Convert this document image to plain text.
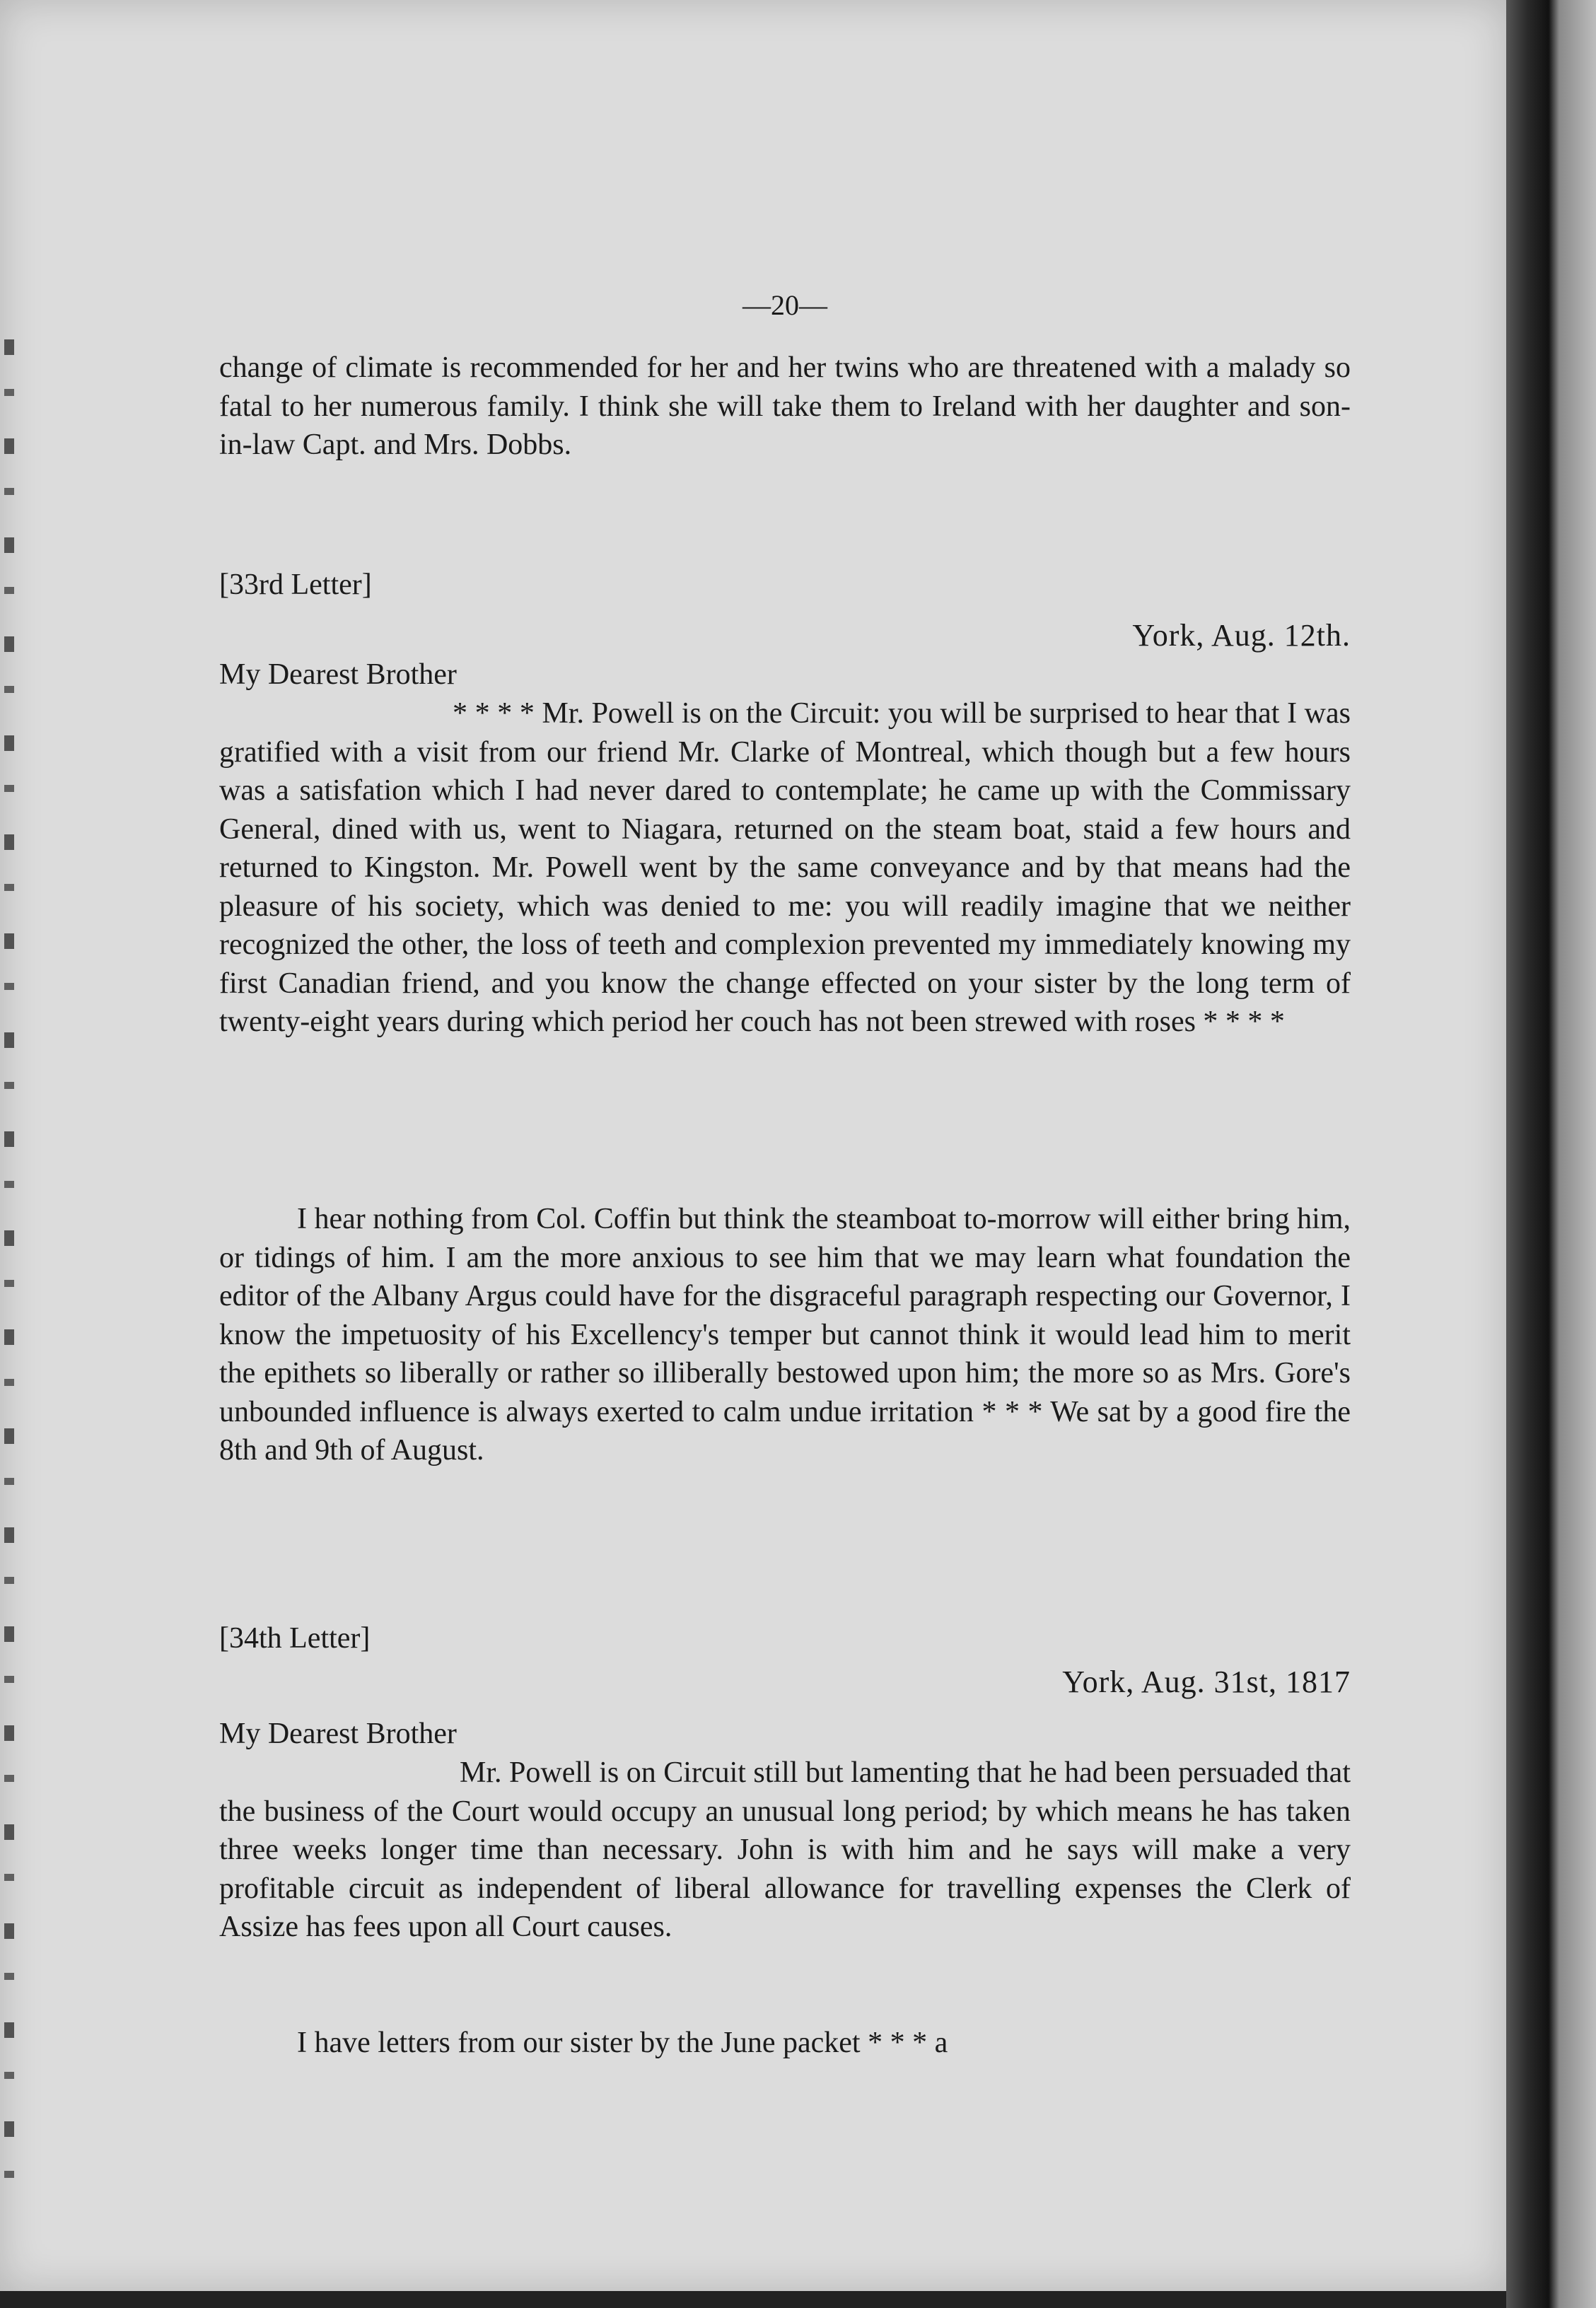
—20—

change of climate is recommended for her and her twins who are threatened with a malady so fatal to her numerous family. I think she will take them to Ireland with her daughter and son-in-law Capt. and Mrs. Dobbs.

[33rd Letter]

York, Aug. 12th.

My Dearest Brother

* * * * Mr. Powell is on the Circuit: you will be surprised to hear that I was gratified with a visit from our friend Mr. Clarke of Montreal, which though but a few hours was a satisfation which I had never dared to contemplate; he came up with the Commissary General, dined with us, went to Niagara, returned on the steam boat, staid a few hours and returned to Kingston. Mr. Powell went by the same conveyance and by that means had the pleasure of his society, which was denied to me: you will readily imagine that we neither recognized the other, the loss of teeth and complexion prevented my immediately knowing my first Canadian friend, and you know the change effected on your sister by the long term of twenty-eight years during which period her couch has not been strewed with roses * * * *

I hear nothing from Col. Coffin but think the steamboat to-morrow will either bring him, or tidings of him. I am the more anxious to see him that we may learn what foundation the editor of the Albany Argus could have for the disgraceful paragraph respecting our Governor, I know the impetuosity of his Excellency's temper but cannot think it would lead him to merit the epithets so liberally or rather so illiberally bestowed upon him; the more so as Mrs. Gore's unbounded influence is always exerted to calm undue irritation * * * We sat by a good fire the 8th and 9th of August.

[34th Letter]

York, Aug. 31st, 1817

My Dearest Brother

Mr. Powell is on Circuit still but lamenting that he had been persuaded that the business of the Court would occupy an unusual long period; by which means he has taken three weeks longer time than necessary. John is with him and he says will make a very profitable circuit as independent of liberal allowance for travelling expenses the Clerk of Assize has fees upon all Court causes.

I have letters from our sister by the June packet * * * a
